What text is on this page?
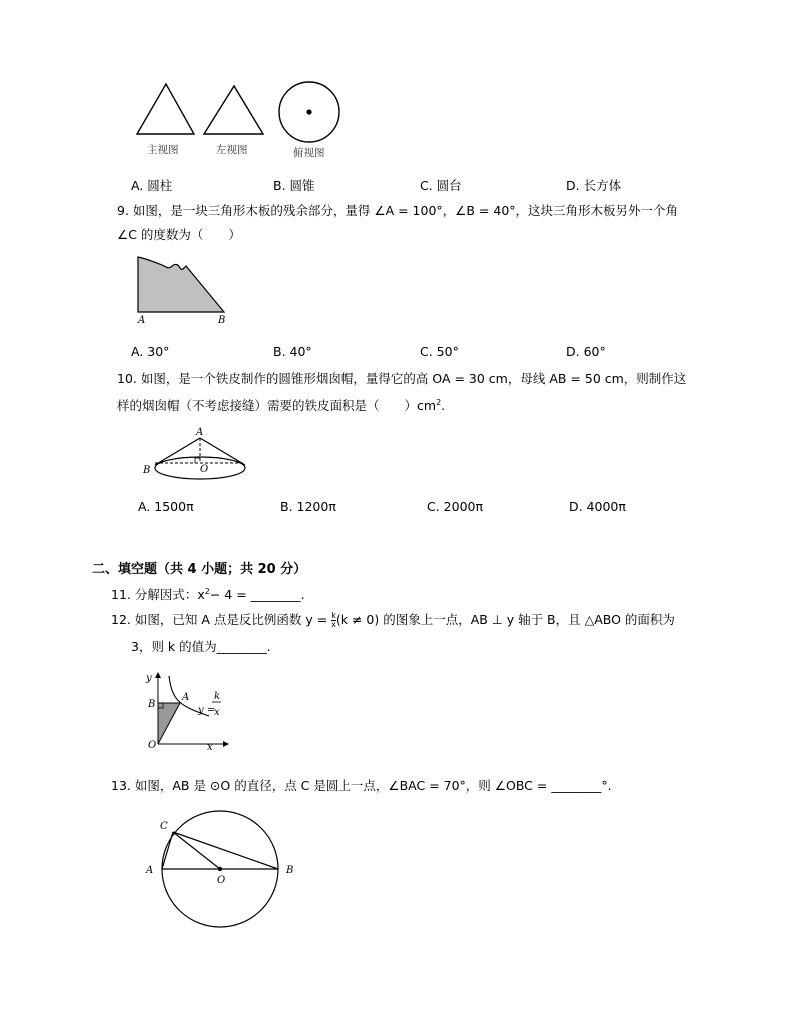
主视图	左视图	俯视图
A. 圆柱	B. 圆锥	C. 圆台	D. 长方体
9. 如图，是一块三角形木板的残余部分，量得 ∠A = 100°，∠B = 40°，这块三角形木板另外一个角
∠C 的度数为（　　）
A	B
A. 30°	B. 40°	C. 50°	D. 60°
10. 如图，是一个铁皮制作的圆锥形烟囱帽，量得它的高 OA = 30 cm，母线 AB = 50 cm，则制作这
样的烟囱帽（不考虑接缝）需要的铁皮面积是（　　）$cm^2$.
A
B	O
A. 1500π	B. 1200π	C. 2000π	D. 4000π
二、填空题（共 4 小题；共 20 分）
11. 分解因式：$x^2- 4$ = ________.
12. 如图，已知 A 点是反比例函数 $y = \frac{k}{x} (k \ne 0)$ 的图象上一点，AB ⊥ y 轴于 B，且 △ABO 的面积为
3，则 k 的值为________.
y
x
O
B
A
y =
k
x
13. 如图，AB 是 ⊙O 的直径，点 C 是圆上一点，∠BAC = 70°，则 ∠OBC = ________°.
C
A
O
B
